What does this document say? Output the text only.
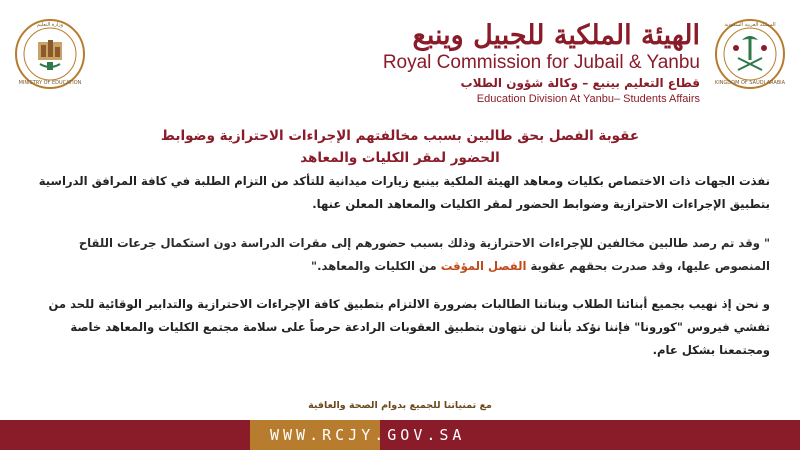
وزارة التعليم
MINISTRY OF EDUCATION
المملكة العربية السعودية
KINGDOM OF SAUDI ARABIA
الهيئة الملكية للجبيل وينبع
Royal Commission for Jubail & Yanbu
قطاع التعليم بينبع – وكالة شؤون الطلاب
Education Division At Yanbu– Students Affairs
عقوبة الفصل بحق طالبين بسبب مخالفتهم الإجراءات الاحترازية وضوابط
الحضور لمقر الكليات والمعاهد
نفذت الجهات ذات الاختصاص بكليات ومعاهد الهيئة الملكية بينبع زيارات ميدانية للتأكد من التزام الطلبة في كافة المرافق الدراسية بتطبيق الإجراءات الاحترازية وضوابط الحضور لمقر الكليات والمعاهد المعلن عنها.
" وقد تم رصد طالبين مخالفين للإجراءات الاحترازية وذلك بسبب حضورهم إلى مقرات الدراسة دون استكمال جرعات اللقاح المنصوص عليها، وقد صدرت بحقهم عقوبة الفصل المؤقت من الكليات والمعاهد."
و نحن إذ نهيب بجميع أبنائنا الطلاب وبناتنا الطالبات بضرورة الالتزام بتطبيق كافة الإجراءات الاحترازية والتدابير الوقائية للحد من تفشي فيروس "كورونا" فإننا نؤكد بأننا لن نتهاون بتطبيق العقوبات الرادعة حرصاً على سلامة مجتمع الكليات والمعاهد خاصة ومجتمعنا بشكل عام.
مع تمنياتنا للجميع بدوام الصحة والعافية
WWW.RCJY.GOV.SA
